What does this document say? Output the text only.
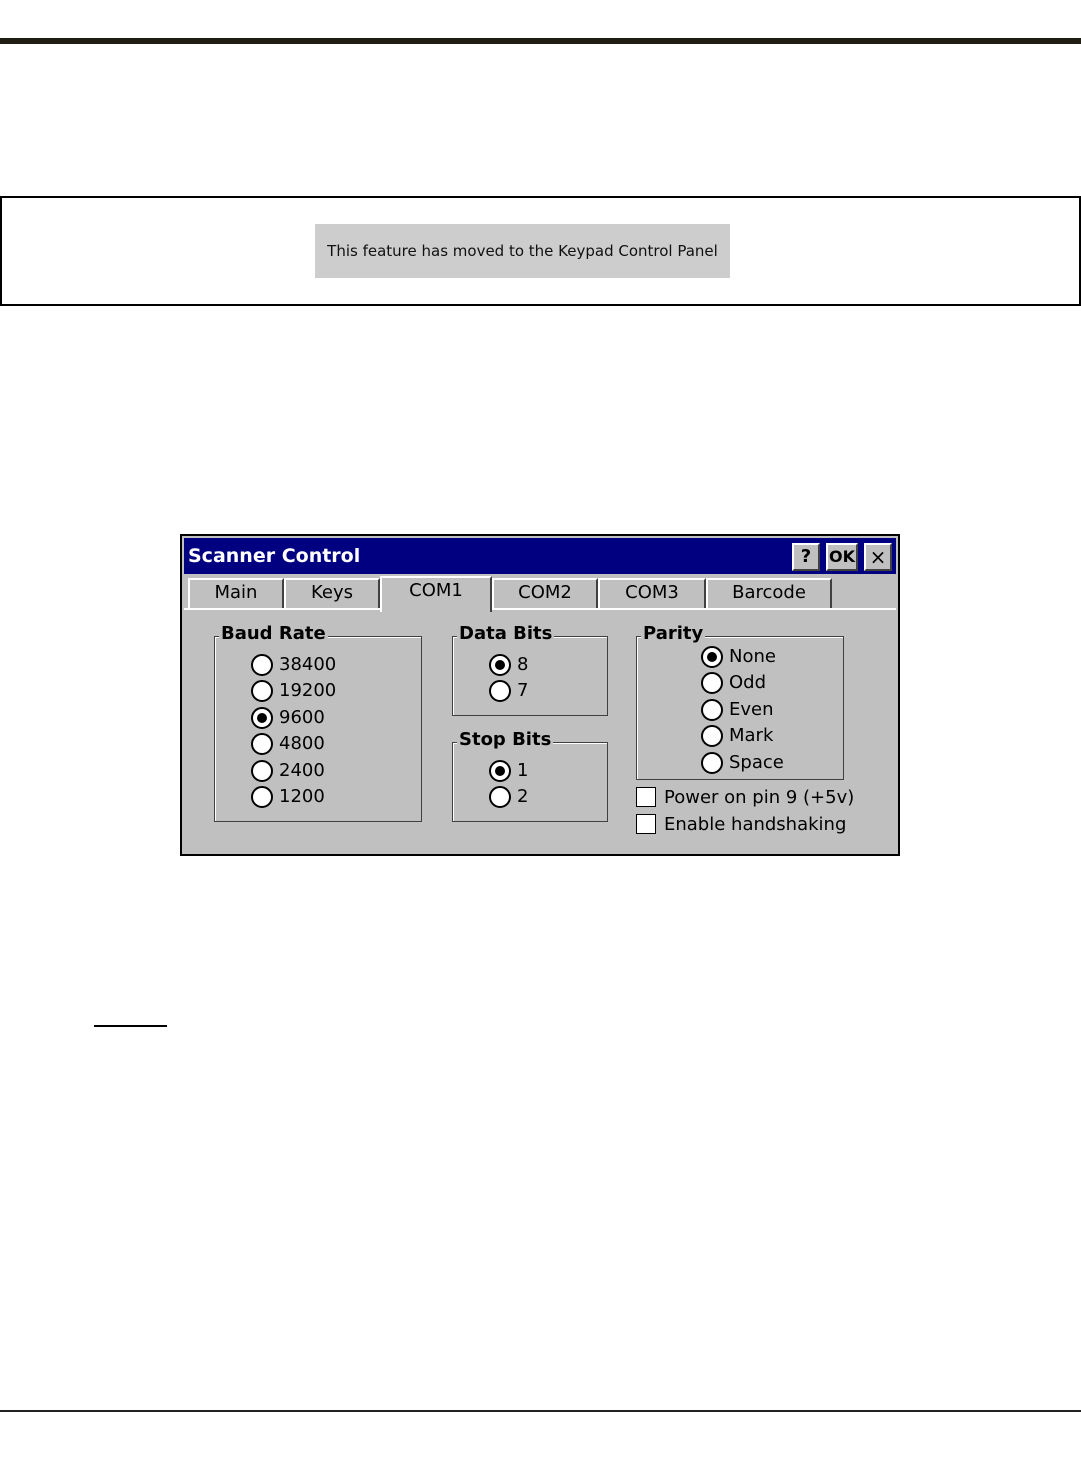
This feature has moved to the Keypad Control Panel
Scanner Control	?	OK ×
Main	Keys	COM1	COM2	COM3	Barcode
Baud Rate
38400
19200
9600
4800
2400
1200
Data Bits
8
7
Stop Bits
1
2
Parity
None
Odd
Even
Mark
Space
Power on pin 9 (+5v)
Enable handshaking
